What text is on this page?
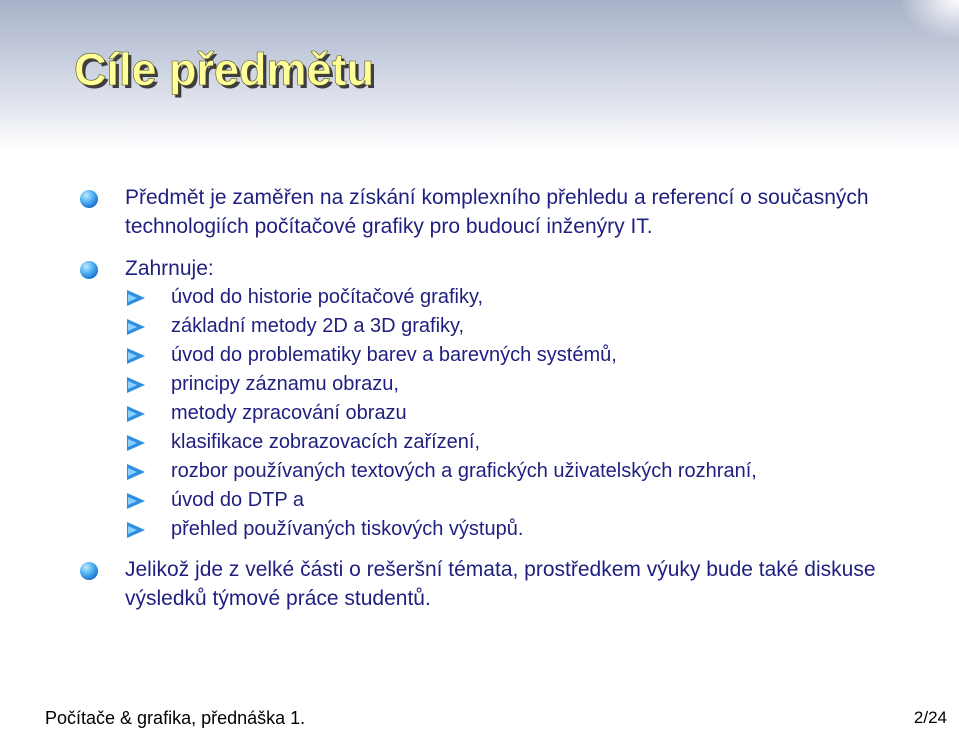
Cíle předmětu

Předmět je zaměřen na získání komplexního přehledu a referencí o současných technologiích počítačové grafiky pro budoucí inženýry IT.

Zahrnuje:

úvod do historie počítačové grafiky,

základní metody 2D a 3D grafiky,

úvod do problematiky barev a barevných systémů,

principy záznamu obrazu,

metody zpracování obrazu

klasifikace zobrazovacích zařízení,

rozbor používaných textových a grafických uživatelských rozhraní,

úvod do DTP a

přehled používaných tiskových výstupů.

Jelikož jde z velké části o rešeršní témata, prostředkem výuky bude také diskuse výsledků týmové práce studentů.

Počítače & grafika, přednáška 1.	2/24
